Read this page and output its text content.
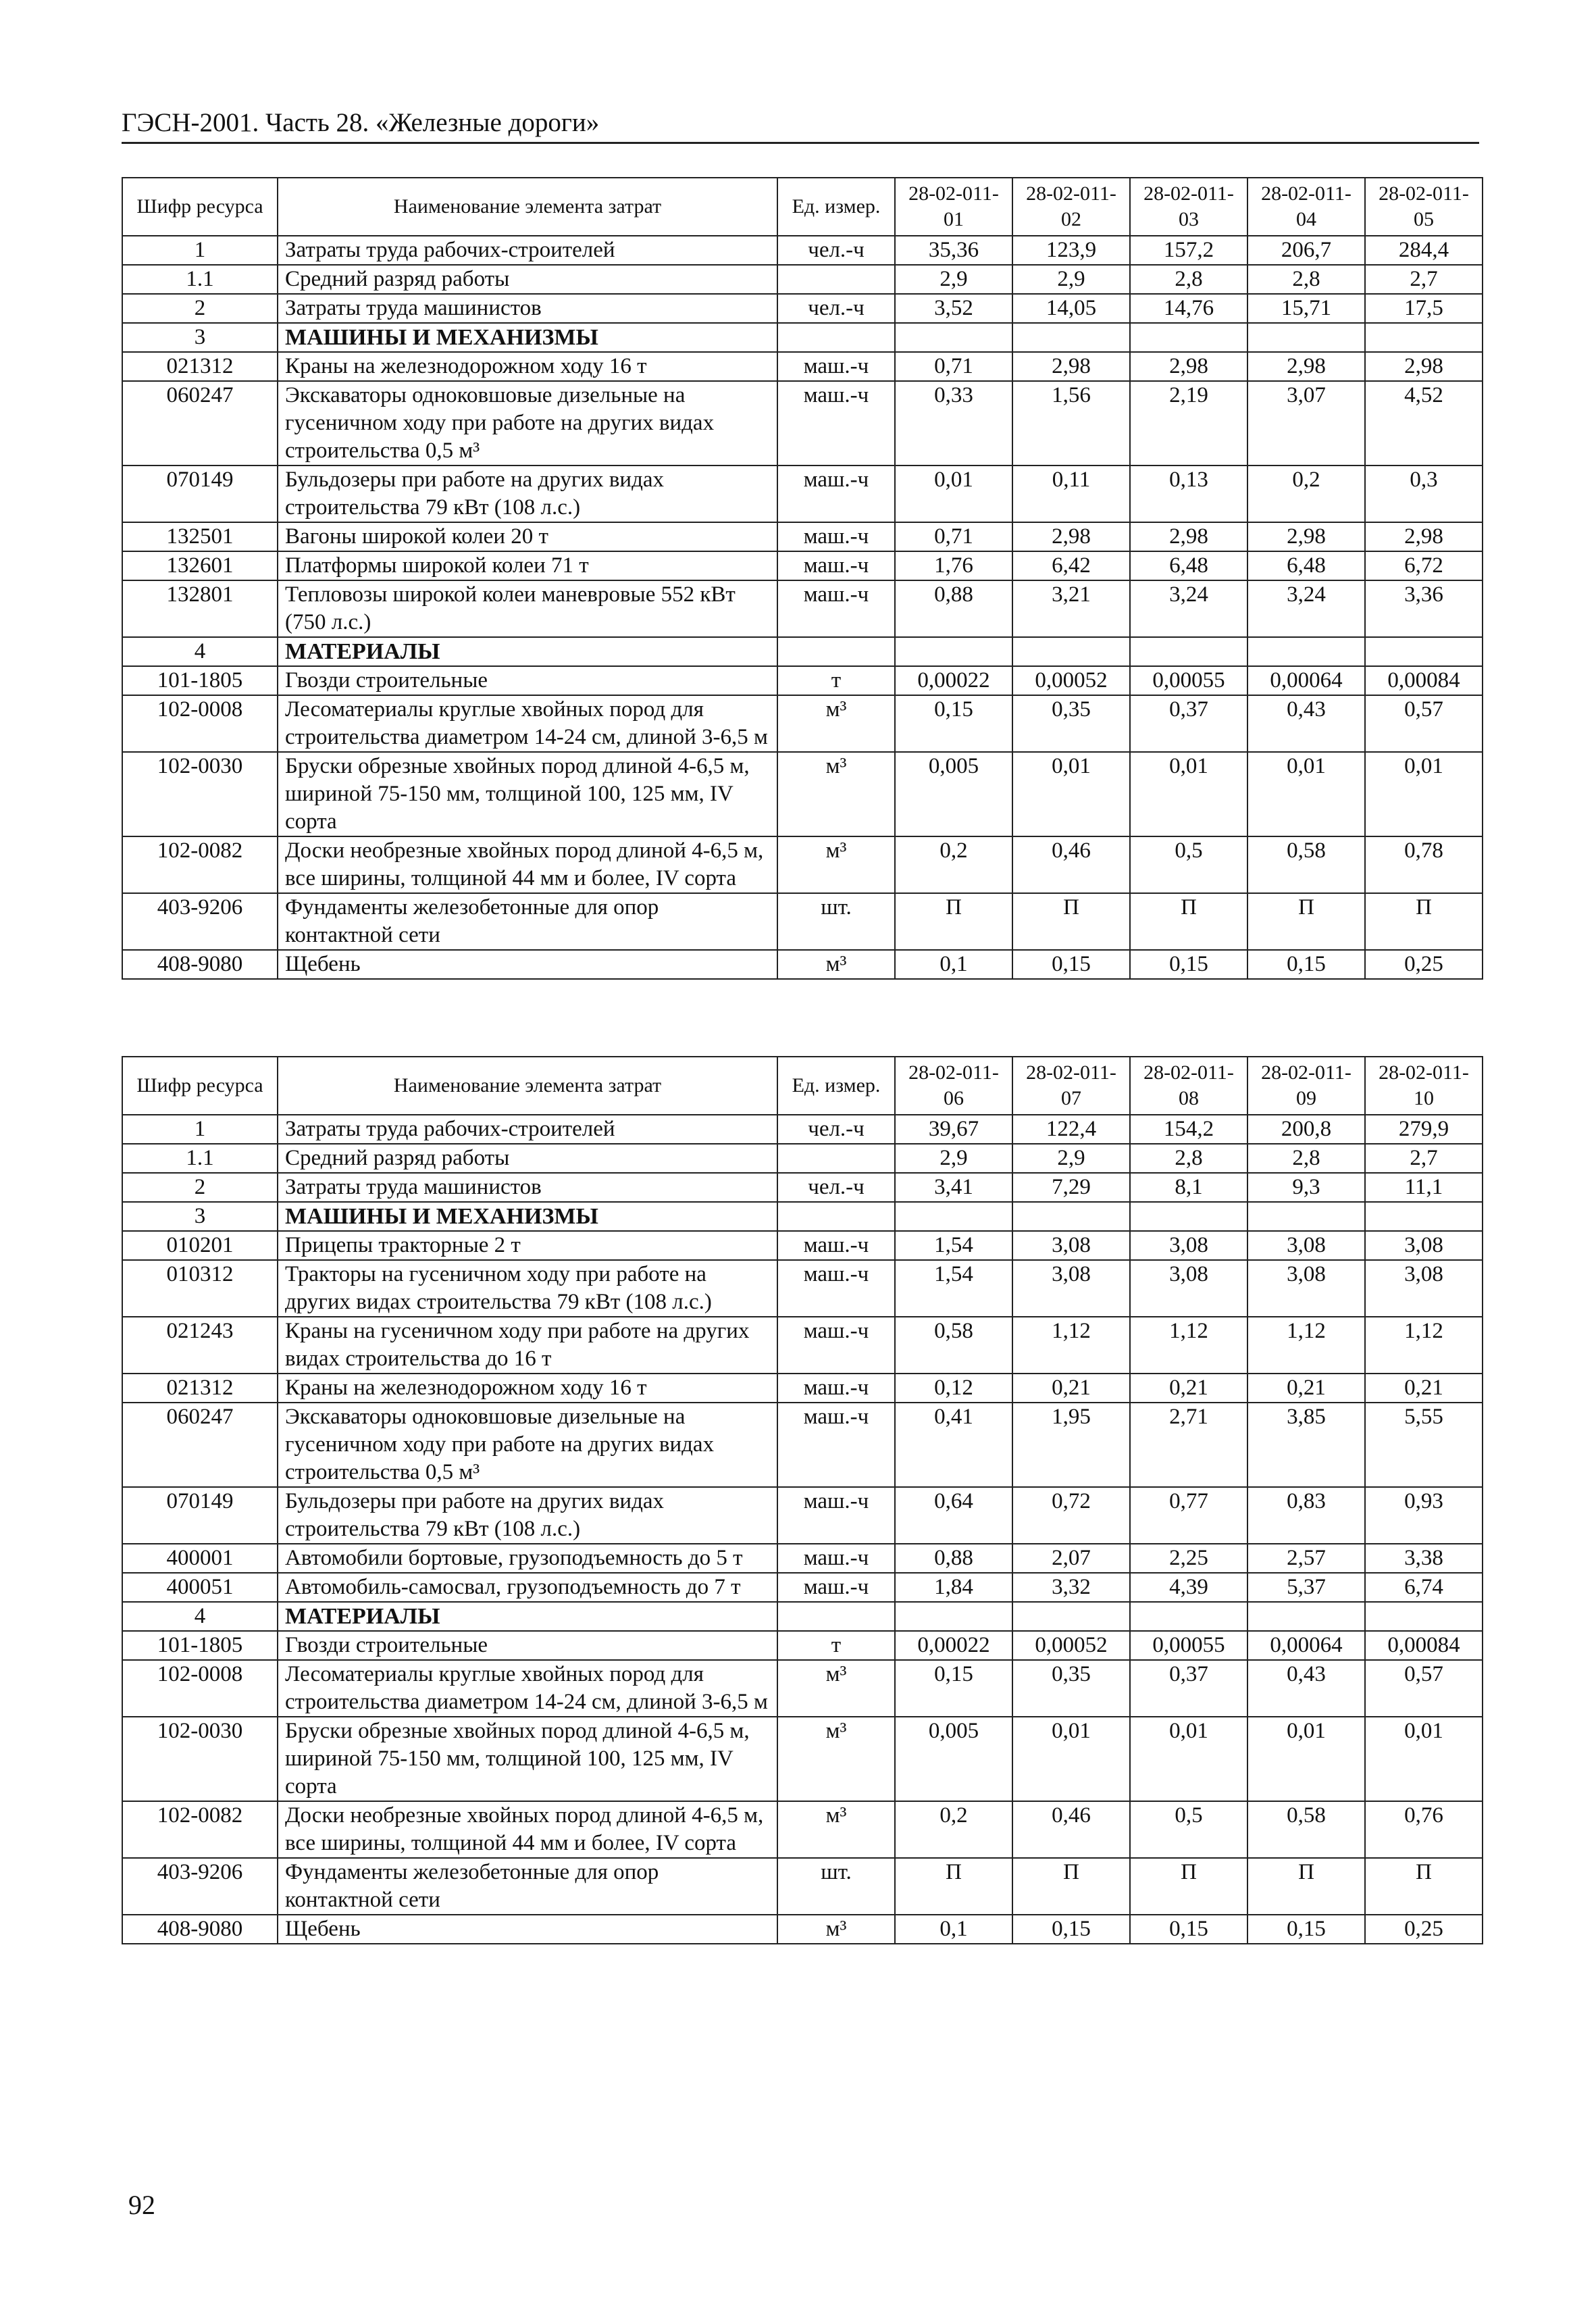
ГЭСН-2001. Часть 28. «Железные дороги»
Шифр ресурса	Наименование элемента затрат	Ед. измер.	28-02-011-01	28-02-011-02	28-02-011-03	28-02-011-04	28-02-011-05
1	Затраты труда рабочих-строителей	чел.-ч	35,36	123,9	157,2	206,7	284,4
1.1	Средний разряд работы		2,9	2,9	2,8	2,8	2,7
2	Затраты труда машинистов	чел.-ч	3,52	14,05	14,76	15,71	17,5
3	МАШИНЫ И МЕХАНИЗМЫ						
021312	Краны на железнодорожном ходу 16 т	маш.-ч	0,71	2,98	2,98	2,98	2,98
060247	Экскаваторы одноковшовые дизельные на гусеничном ходу при работе на других видах строительства 0,5 м³	маш.-ч	0,33	1,56	2,19	3,07	4,52
070149	Бульдозеры при работе на других видах строительства 79 кВт (108 л.с.)	маш.-ч	0,01	0,11	0,13	0,2	0,3
132501	Вагоны широкой колеи 20 т	маш.-ч	0,71	2,98	2,98	2,98	2,98
132601	Платформы широкой колеи 71 т	маш.-ч	1,76	6,42	6,48	6,48	6,72
132801	Тепловозы широкой колеи маневровые 552 кВт (750 л.с.)	маш.-ч	0,88	3,21	3,24	3,24	3,36
4	МАТЕРИАЛЫ						
101-1805	Гвозди строительные	т	0,00022	0,00052	0,00055	0,00064	0,00084
102-0008	Лесоматериалы круглые хвойных пород для строительства диаметром 14-24 см, длиной 3-6,5 м	м³	0,15	0,35	0,37	0,43	0,57
102-0030	Бруски обрезные хвойных пород длиной 4-6,5 м, шириной 75-150 мм, толщиной 100, 125 мм, IV сорта	м³	0,005	0,01	0,01	0,01	0,01
102-0082	Доски необрезные хвойных пород длиной 4-6,5 м, все ширины, толщиной 44 мм и более, IV сорта	м³	0,2	0,46	0,5	0,58	0,78
403-9206	Фундаменты железобетонные для опор контактной сети	шт.	П	П	П	П	П
408-9080	Щебень	м³	0,1	0,15	0,15	0,15	0,25
Шифр ресурса	Наименование элемента затрат	Ед. измер.	28-02-011-06	28-02-011-07	28-02-011-08	28-02-011-09	28-02-011-10
1	Затраты труда рабочих-строителей	чел.-ч	39,67	122,4	154,2	200,8	279,9
1.1	Средний разряд работы		2,9	2,9	2,8	2,8	2,7
2	Затраты труда машинистов	чел.-ч	3,41	7,29	8,1	9,3	11,1
3	МАШИНЫ И МЕХАНИЗМЫ						
010201	Прицепы тракторные 2 т	маш.-ч	1,54	3,08	3,08	3,08	3,08
010312	Тракторы на гусеничном ходу при работе на других видах строительства 79 кВт (108 л.с.)	маш.-ч	1,54	3,08	3,08	3,08	3,08
021243	Краны на гусеничном ходу при работе на других видах строительства до 16 т	маш.-ч	0,58	1,12	1,12	1,12	1,12
021312	Краны на железнодорожном ходу 16 т	маш.-ч	0,12	0,21	0,21	0,21	0,21
060247	Экскаваторы одноковшовые дизельные на гусеничном ходу при работе на других видах строительства 0,5 м³	маш.-ч	0,41	1,95	2,71	3,85	5,55
070149	Бульдозеры при работе на других видах строительства 79 кВт (108 л.с.)	маш.-ч	0,64	0,72	0,77	0,83	0,93
400001	Автомобили бортовые, грузоподъемность до 5 т	маш.-ч	0,88	2,07	2,25	2,57	3,38
400051	Автомобиль-самосвал, грузоподъемность до 7 т	маш.-ч	1,84	3,32	4,39	5,37	6,74
4	МАТЕРИАЛЫ						
101-1805	Гвозди строительные	т	0,00022	0,00052	0,00055	0,00064	0,00084
102-0008	Лесоматериалы круглые хвойных пород для строительства диаметром 14-24 см, длиной 3-6,5 м	м³	0,15	0,35	0,37	0,43	0,57
102-0030	Бруски обрезные хвойных пород длиной 4-6,5 м, шириной 75-150 мм, толщиной 100, 125 мм, IV сорта	м³	0,005	0,01	0,01	0,01	0,01
102-0082	Доски необрезные хвойных пород длиной 4-6,5 м, все ширины, толщиной 44 мм и более, IV сорта	м³	0,2	0,46	0,5	0,58	0,76
403-9206	Фундаменты железобетонные для опор контактной сети	шт.	П	П	П	П	П
408-9080	Щебень	м³	0,1	0,15	0,15	0,15	0,25
92
